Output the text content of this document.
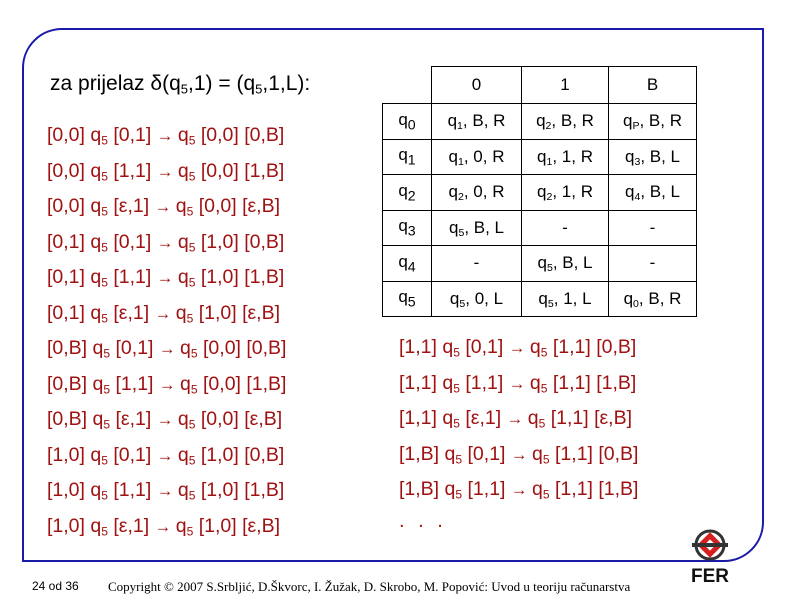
za prijelaz $\delta(q_5,1) = (q_5,1,L)$:
[0,0] $q_5$ $[0,1] \to q_5$ [0,0] [0,B]
[0,0] $q_5$ $[1,1] \to q_5$ [0,0] [1,B]
[0,0] $q_5$ $[\varepsilon,1] \to q_5$ [0,0] [ε,B]
[0,1] $q_5$ $[0,1] \to q_5$ [1,0] [0,B]
[0,1] $q_5$ $[1,1] \to q_5$ [1,0] [1,B]
[0,1] $q_5$ $[\varepsilon,1] \to q_5$ [1,0] [ε,B]
[0,B] $q_5$ $[0,1] \to q_5$ [0,0] [0,B]
[0,B] $q_5$ $[1,1] \to q_5$ [0,0] [1,B]
[0,B] $q_5$ $[\varepsilon,1] \to q_5$ [0,0] [ε,B]
[1,0] $q_5$ $[0,1] \to q_5$ [1,0] [0,B]
[1,0] $q_5$ $[1,1] \to q_5$ [1,0] [1,B]
[1,0] $q_5$ $[\varepsilon,1] \to q_5$ [1,0] [ε,B]
	0	1	B
$q_0$	$q_1$, B, R	$q_2$, B, R	$q_P$, B, R
$q_1$	$q_1$, 0, R	$q_1$, 1, R	$q_3$, B, L
$q_2$	$q_2$, 0, R	$q_2$, 1, R	$q_4$, B, L
$q_3$	$q_5$, B, L	-	-
$q_4$	-	$q_5$, B, L	-
$q_5$	$q_5$, 0, L	$q_5$, 1, L	$q_0$, B, R
[1,1] $q_5$ $[0,1] \to q_5$ [1,1] [0,B]
[1,1] $q_5$ $[1,1] \to q_5$ [1,1] [1,B]
[1,1] $q_5$ $[\varepsilon,1] \to q_5$ [1,1] [ε,B]
[1,B] $q_5$ $[0,1] \to q_5$ [1,1] [0,B]
[1,B] $q_5$ $[1,1] \to q_5$ [1,1] [1,B]
. . .
24 od 36 Copyright © 2007 S.Srbljić, D.Škvorc, I. Žužak, D. Skrobo, M. Popović: Uvod u teoriju računarstva	FER
